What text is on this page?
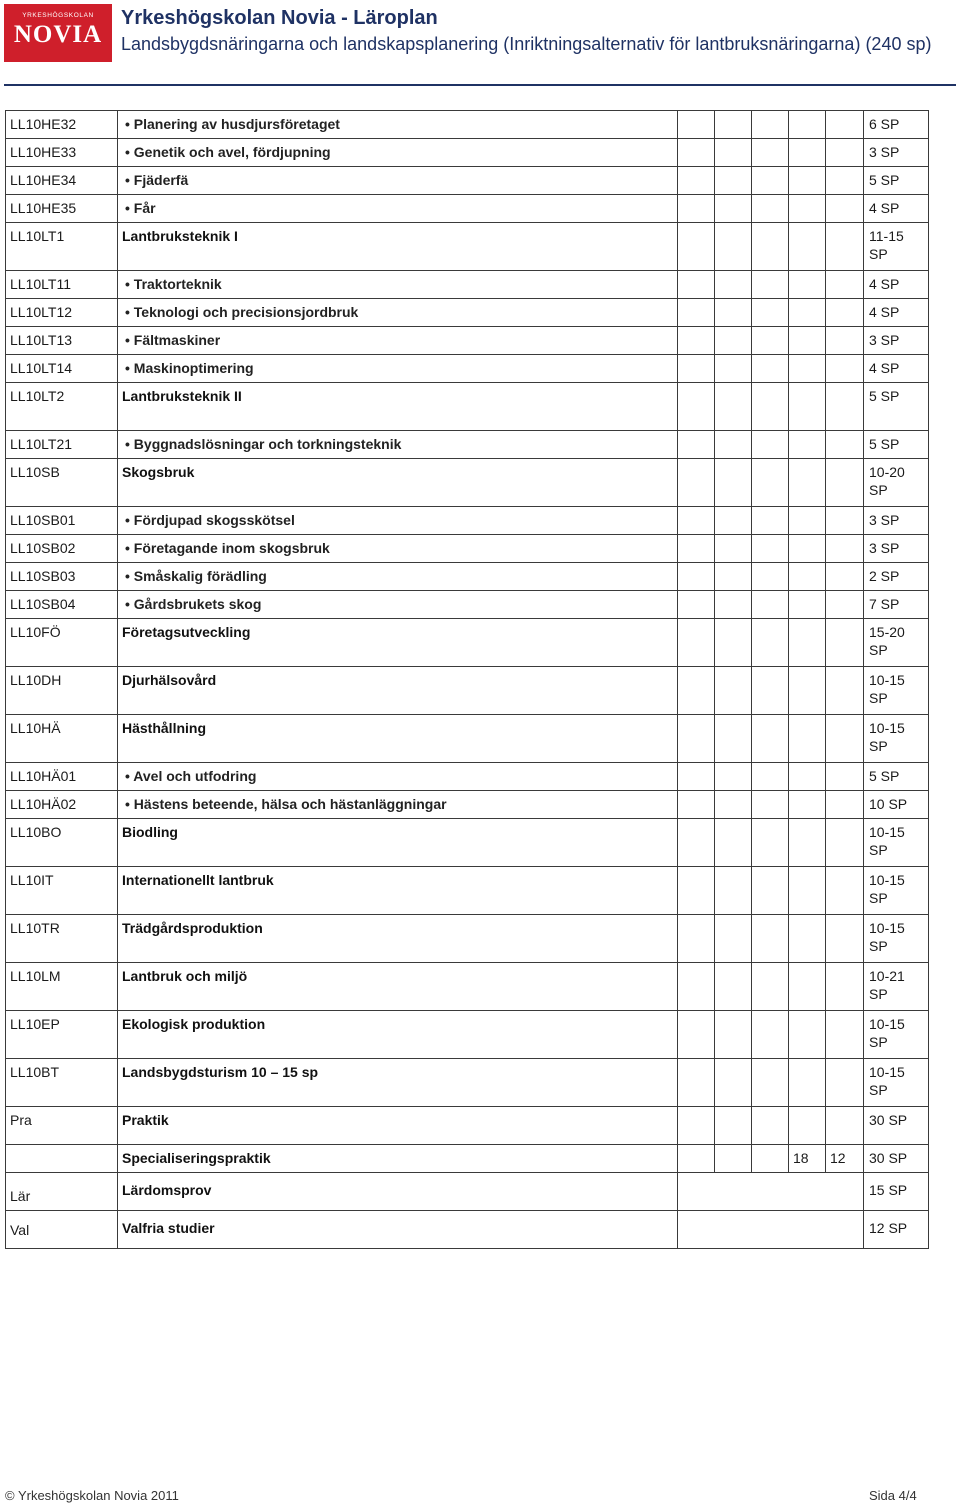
YRKESHÖGSKOLAN
NOVIA
Yrkeshögskolan Novia - Läroplan
Landsbygdsnäringarna och landskapsplanering (Inriktningsalternativ för lantbruksnäringarna) (240 sp)
LL10HE32	• Planering av husdjursföretaget						6 SP
LL10HE33	• Genetik och avel, fördjupning						3 SP
LL10HE34	• Fjäderfä						5 SP
LL10HE35	• Får						4 SP
LL10LT1	Lantbruksteknik I						11-15 SP
LL10LT11	• Traktorteknik						4 SP
LL10LT12	• Teknologi och precisionsjordbruk						4 SP
LL10LT13	• Fältmaskiner						3 SP
LL10LT14	• Maskinoptimering						4 SP
LL10LT2	Lantbruksteknik II						5 SP
LL10LT21	• Byggnadslösningar och torkningsteknik						5 SP
LL10SB	Skogsbruk						10-20 SP
LL10SB01	• Fördjupad skogsskötsel						3 SP
LL10SB02	• Företagande inom skogsbruk						3 SP
LL10SB03	• Småskalig förädling						2 SP
LL10SB04	• Gårdsbrukets skog						7 SP
LL10FÖ	Företagsutveckling						15-20 SP
LL10DH	Djurhälsovård						10-15 SP
LL10HÄ	Hästhållning						10-15 SP
LL10HÄ01	• Avel och utfodring						5 SP
LL10HÄ02	• Hästens beteende, hälsa och hästanläggningar						10 SP
LL10BO	Biodling						10-15 SP
LL10IT	Internationellt lantbruk						10-15 SP
LL10TR	Trädgårdsproduktion						10-15 SP
LL10LM	Lantbruk och miljö						10-21 SP
LL10EP	Ekologisk produktion						10-15 SP
LL10BT	Landsbygdsturism 10 – 15 sp						10-15 SP
Pra	Praktik						30 SP
	Specialiseringspraktik				18	12	30 SP
Lär	Lärdomsprov						15 SP
Val	Valfria studier						12 SP
© Yrkeshögskolan Novia 2011	Sida 4/4
